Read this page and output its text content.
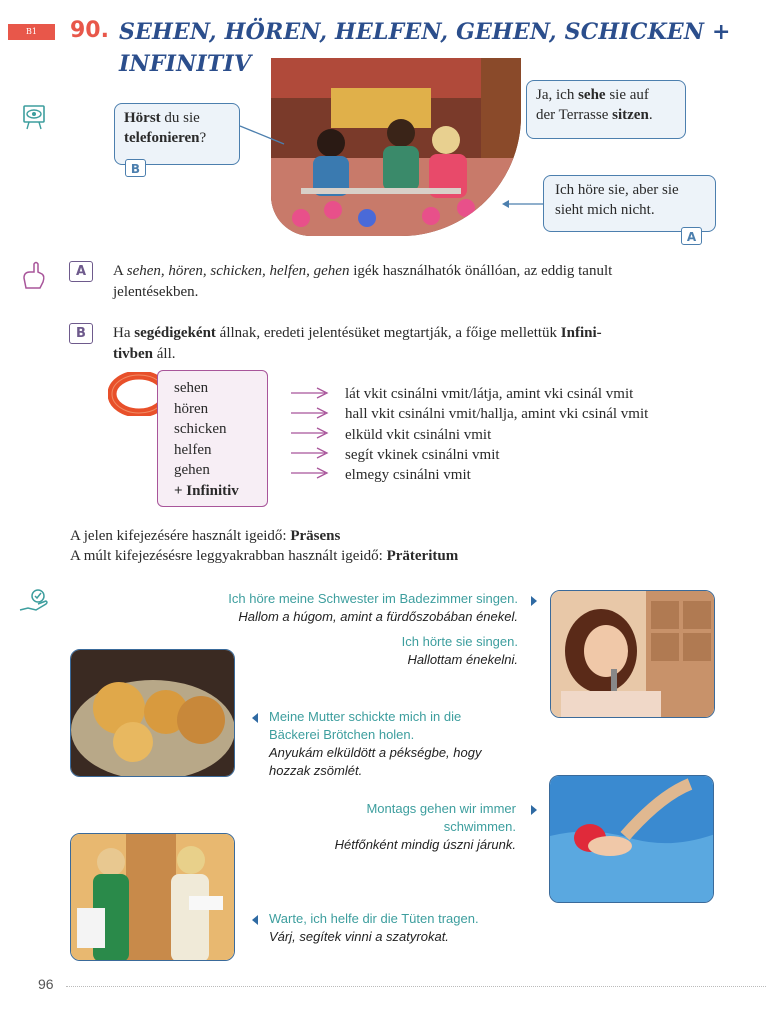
B1	90. SEHEN, HÖREN, HELFEN, GEHEN, SCHICKEN + INFINITIV
Hörst du sie
telefonieren?
B
Ja, ich sehe sie auf
der Terrasse sitzen.
Ich höre sie, aber sie
sieht mich nicht.
A
A	A sehen, hören, schicken, helfen, gehen igék használhatók önállóan, az eddig tanult
jelentésekben.
B	Ha segédigeként állnak, eredeti jelentésüket megtartják, a főige mellettük Infini-
tivben áll.
sehen
hören
schicken
helfen
gehen
+ Infinitiv
lát vkit csinálni vmit/látja, amint vki csinál vmit
hall vkit csinálni vmit/hallja, amint vki csinál vmit
elküld vkit csinálni vmit
segít vkinek csinálni vmit
elmegy csinálni vmit
A jelen kifejezésére használt igeidő: Präsens
A múlt kifejezésésre leggyakrabban használt igeidő: Präteritum
Ich höre meine Schwester im Badezimmer singen.
Hallom a húgom, amint a fürdőszobában énekel.
Ich hörte sie singen.
Hallottam énekelni.
Meine Mutter schickte mich in die
Bäckerei Brötchen holen.
Anyukám elküldött a pékségbe, hogy
hozzak zsömlét.
Montags gehen wir immer
schwimmen.
Hétfőnként mindig úszni járunk.
Warte, ich helfe dir die Tüten tragen.
Várj, segítek vinni a szatyrokat.
96
